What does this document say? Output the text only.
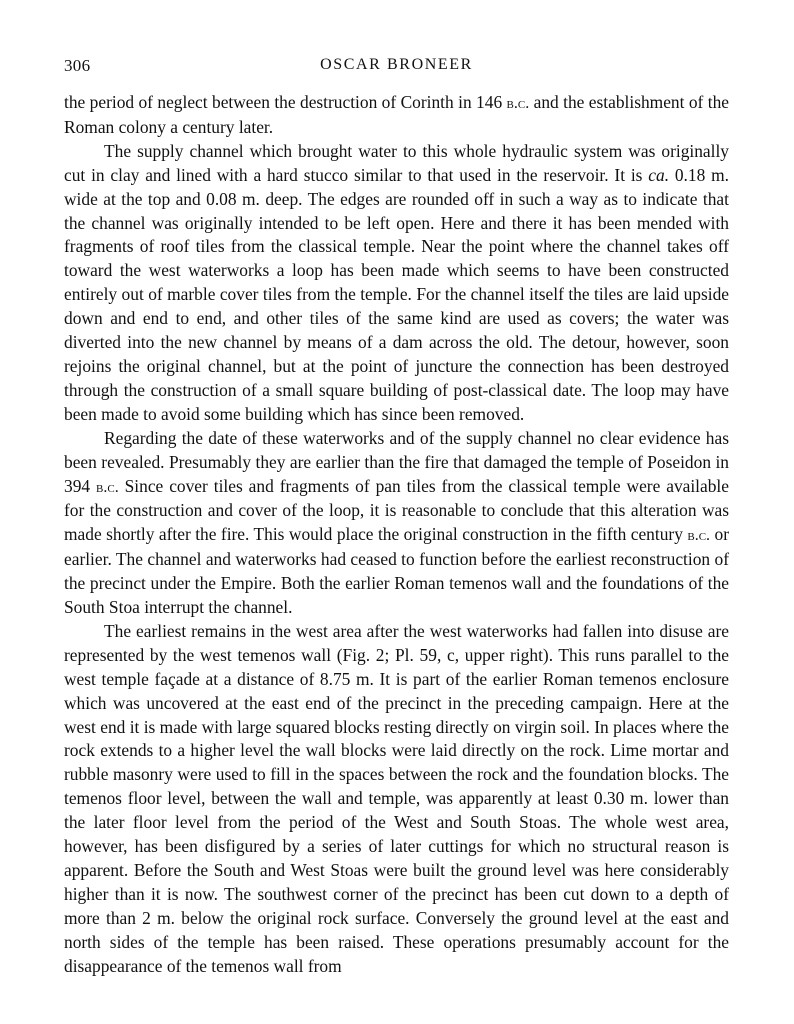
306	OSCAR BRONEER

the period of neglect between the destruction of Corinth in 146 b.c. and the establishment of the Roman colony a century later.

The supply channel which brought water to this whole hydraulic system was originally cut in clay and lined with a hard stucco similar to that used in the reservoir. It is ca. 0.18 m. wide at the top and 0.08 m. deep. The edges are rounded off in such a way as to indicate that the channel was originally intended to be left open. Here and there it has been mended with fragments of roof tiles from the classical temple. Near the point where the channel takes off toward the west waterworks a loop has been made which seems to have been constructed entirely out of marble cover tiles from the temple. For the channel itself the tiles are laid upside down and end to end, and other tiles of the same kind are used as covers; the water was diverted into the new channel by means of a dam across the old. The detour, however, soon rejoins the original channel, but at the point of juncture the connection has been destroyed through the construction of a small square building of post-classical date. The loop may have been made to avoid some building which has since been removed.

Regarding the date of these waterworks and of the supply channel no clear evidence has been revealed. Presumably they are earlier than the fire that damaged the temple of Poseidon in 394 b.c. Since cover tiles and fragments of pan tiles from the classical temple were available for the construction and cover of the loop, it is reasonable to conclude that this alteration was made shortly after the fire. This would place the original construction in the fifth century b.c. or earlier. The channel and waterworks had ceased to function before the earliest reconstruction of the precinct under the Empire. Both the earlier Roman temenos wall and the foundations of the South Stoa interrupt the channel.

The earliest remains in the west area after the west waterworks had fallen into disuse are represented by the west temenos wall (Fig. 2; Pl. 59, c, upper right). This runs parallel to the west temple façade at a distance of 8.75 m. It is part of the earlier Roman temenos enclosure which was uncovered at the east end of the precinct in the preceding campaign. Here at the west end it is made with large squared blocks resting directly on virgin soil. In places where the rock extends to a higher level the wall blocks were laid directly on the rock. Lime mortar and rubble masonry were used to fill in the spaces between the rock and the foundation blocks. The temenos floor level, between the wall and temple, was apparently at least 0.30 m. lower than the later floor level from the period of the West and South Stoas. The whole west area, however, has been disfigured by a series of later cuttings for which no structural reason is apparent. Before the South and West Stoas were built the ground level was here considerably higher than it is now. The southwest corner of the precinct has been cut down to a depth of more than 2 m. below the original rock surface. Conversely the ground level at the east and north sides of the temple has been raised. These operations presumably account for the disappearance of the temenos wall from
